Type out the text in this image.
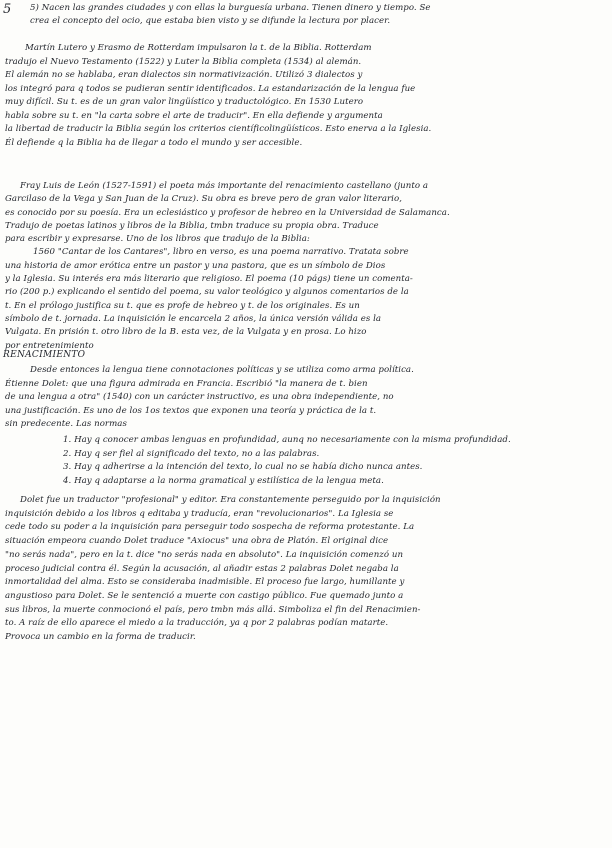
5 5) Nacen las grandes ciudades y con ellas la burguesía urbana. Tienen dinero y tiempo. Se
crea el concepto del ocio, que estaba bien visto y se difunde la lectura por placer.
Martín Lutero y Erasmo de Rotterdam impulsaron la t. de la Biblia. Rotterdam
tradujo el Nuevo Testamento (1522) y Luter la Biblia completa (1534) al alemán.
El alemán no se hablaba, eran dialectos sin normativización. Utilizó 3 dialectos y
los integró para q todos se pudieran sentir identificados. La estandarización de la lengua fue
muy difícil. Su t. es de un gran valor lingüístico y traductológico. En 1530 Lutero
habla sobre su t. en "la carta sobre el arte de traducir". En ella defiende y argumenta
la libertad de traducir la Biblia según los criterios científicolingüísticos. Esto enerva a la Iglesia.
Él defiende q la Biblia ha de llegar a todo el mundo y ser accesible.
Fray Luis de León (1527-1591) el poeta más importante del renacimiento castellano (junto a
Garcilaso de la Vega y San Juan de la Cruz). Su obra es breve pero de gran valor literario,
es conocido por su poesía. Era un eclesiástico y profesor de hebreo en la Universidad de Salamanca.
Tradujo de poetas latinos y libros de la Biblia, tmbn traduce su propia obra. Traduce
para escribir y expresarse. Uno de los libros que tradujo de la Biblia:
1560 "Cantar de los Cantares", libro en verso, es una poema narrativo. Tratata sobre
una historia de amor erótica entre un pastor y una pastora, que es un símbolo de Dios
y la Iglesia. Su interés era más literario que religioso. El poema (10 págs) tiene un comenta-
rio (200 p.) explicando el sentido del poema, su valor teológico y algunos comentarios de la
t. En el prólogo justifica su t. que es profe de hebreo y t. de los originales. Es un
símbolo de t. jornada. La inquisición le encarcela 2 años, la única versión válida es la
Vulgata. En prisión t. otro libro de la B. esta vez, de la Vulgata y en prosa. Lo hizo
por entretenimiento
RENACIMIENTO
Desde entonces la lengua tiene connotaciones políticas y se utiliza como arma política.
Étienne Dolet: que una figura admirada en Francia. Escribió "la manera de t. bien
de una lengua a otra" (1540) con un carácter instructivo, es una obra independiente, no
una justificación. Es uno de los 1os textos que exponen una teoría y práctica de la t.
sin predecente. Las normas
1. Hay q conocer ambas lenguas en profundidad, aunq no necesariamente con la misma profundidad.
2. Hay q ser fiel al significado del texto, no a las palabras.
3. Hay q adherirse a la intención del texto, lo cual no se había dicho nunca antes.
4. Hay q adaptarse a la norma gramatical y estilística de la lengua meta.
Dolet fue un traductor "profesional" y editor. Era constantemente perseguido por la inquisición
inquisición debido a los libros q editaba y traducía, eran "revolucionarios". La Iglesia se
cede todo su poder a la inquisición para perseguir todo sospecha de reforma protestante. La
situación empeora cuando Dolet traduce "Axiocus" una obra de Platón. El original dice
"no serás nada", pero en la t. dice "no serás nada en absoluto". La inquisición comenzó un
proceso judicial contra él. Según la acusación, al añadir estas 2 palabras Dolet negaba la
inmortalidad del alma. Esto se consideraba inadmisible. El proceso fue largo, humillante y
angustioso para Dolet. Se le sentenció a muerte con castigo público. Fue quemado junto a
sus libros, la muerte conmocionó el país, pero tmbn más allá. Simboliza el fin del Renacimien-
to. A raíz de ello aparece el miedo a la traducción, ya q por 2 palabras podían matarte.
Provoca un cambio en la forma de traducir.
